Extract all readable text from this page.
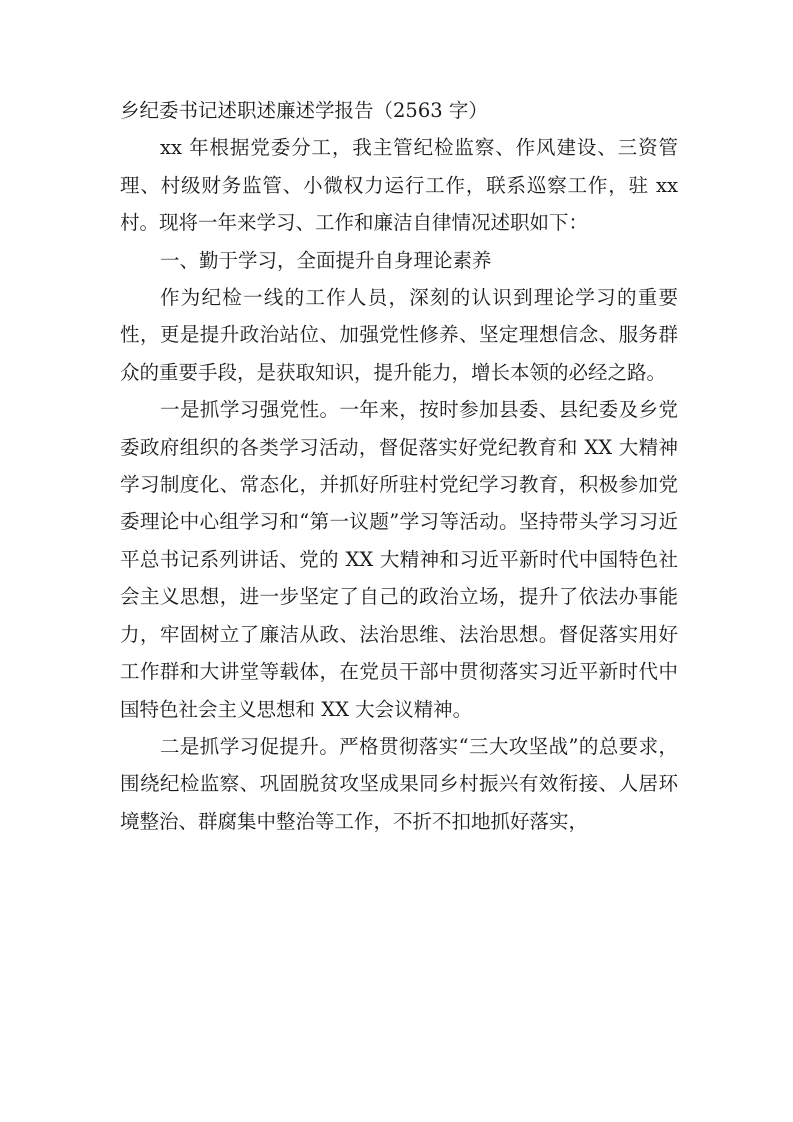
乡纪委书记述职述廉述学报告（2563 字）

xx 年根据党委分工，我主管纪检监察、作风建设、三资管理、村级财务监管、小微权力运行工作，联系巡察工作，驻 xx 村。现将一年来学习、工作和廉洁自律情况述职如下：

一、勤于学习，全面提升自身理论素养

作为纪检一线的工作人员，深刻的认识到理论学习的重要性，更是提升政治站位、加强党性修养、坚定理想信念、服务群众的重要手段，是获取知识，提升能力，增长本领的必经之路。

一是抓学习强党性。一年来，按时参加县委、县纪委及乡党委政府组织的各类学习活动，督促落实好党纪教育和 XX 大精神学习制度化、常态化，并抓好所驻村党纪学习教育，积极参加党委理论中心组学习和“第一议题”学习等活动。坚持带头学习习近平总书记系列讲话、党的 XX 大精神和习近平新时代中国特色社会主义思想，进一步坚定了自己的政治立场，提升了依法办事能力，牢固树立了廉洁从政、法治思维、法治思想。督促落实用好工作群和大讲堂等载体，在党员干部中贯彻落实习近平新时代中国特色社会主义思想和 XX 大会议精神。

二是抓学习促提升。严格贯彻落实“三大攻坚战”的总要求，围绕纪检监察、巩固脱贫攻坚成果同乡村振兴有效衔接、人居环境整治、群腐集中整治等工作，不折不扣地抓好落实，
